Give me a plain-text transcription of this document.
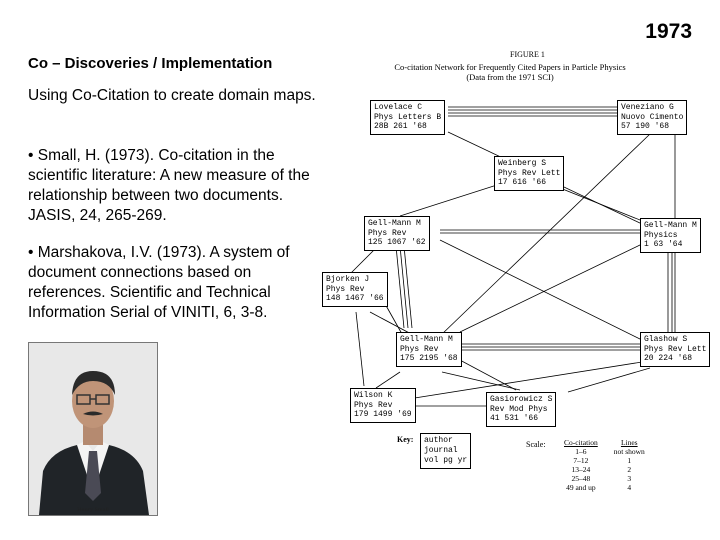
1973
Co – Discoveries / Implementation

Using Co-Citation to create domain maps.

• Small, H. (1973). Co-citation in the scientific literature: A new measure of the relationship between two documents. JASIS, 24, 265-269.

• Marshakova, I.V. (1973). A system of document connections based on references. Scientific and Technical Information Serial of VINITI, 6, 3-8.

Henry Small
FIGURE 1
Co-citation Network for Frequently Cited Papers in Particle Physics
(Data from the 1971 SCI)
Lovelace C
Phys Letters B
28B 261 '68
Veneziano G
Nuovo Cimento
57 190 '68
Weinberg S
Phys Rev Lett
17 616 '66
Gell-Mann M
Phys Rev
125 1067 '62
Gell-Mann M
Physics
1 63 '64
Bjorken J
Phys Rev
148 1467 '66
Gell-Mann M
Phys Rev
175 2195 '68
Glashow S
Phys Rev Lett
20 224 '68
Wilson K
Phys Rev
179 1499 '69
Gasiorowicz S
Rev Mod Phys
41 531 '66
Key: author
journal
vol pg yr
Scale: Co-citation	Lines
1–6	not shown
7–12	1
13–24	2
25–48	3
49 and up	4
